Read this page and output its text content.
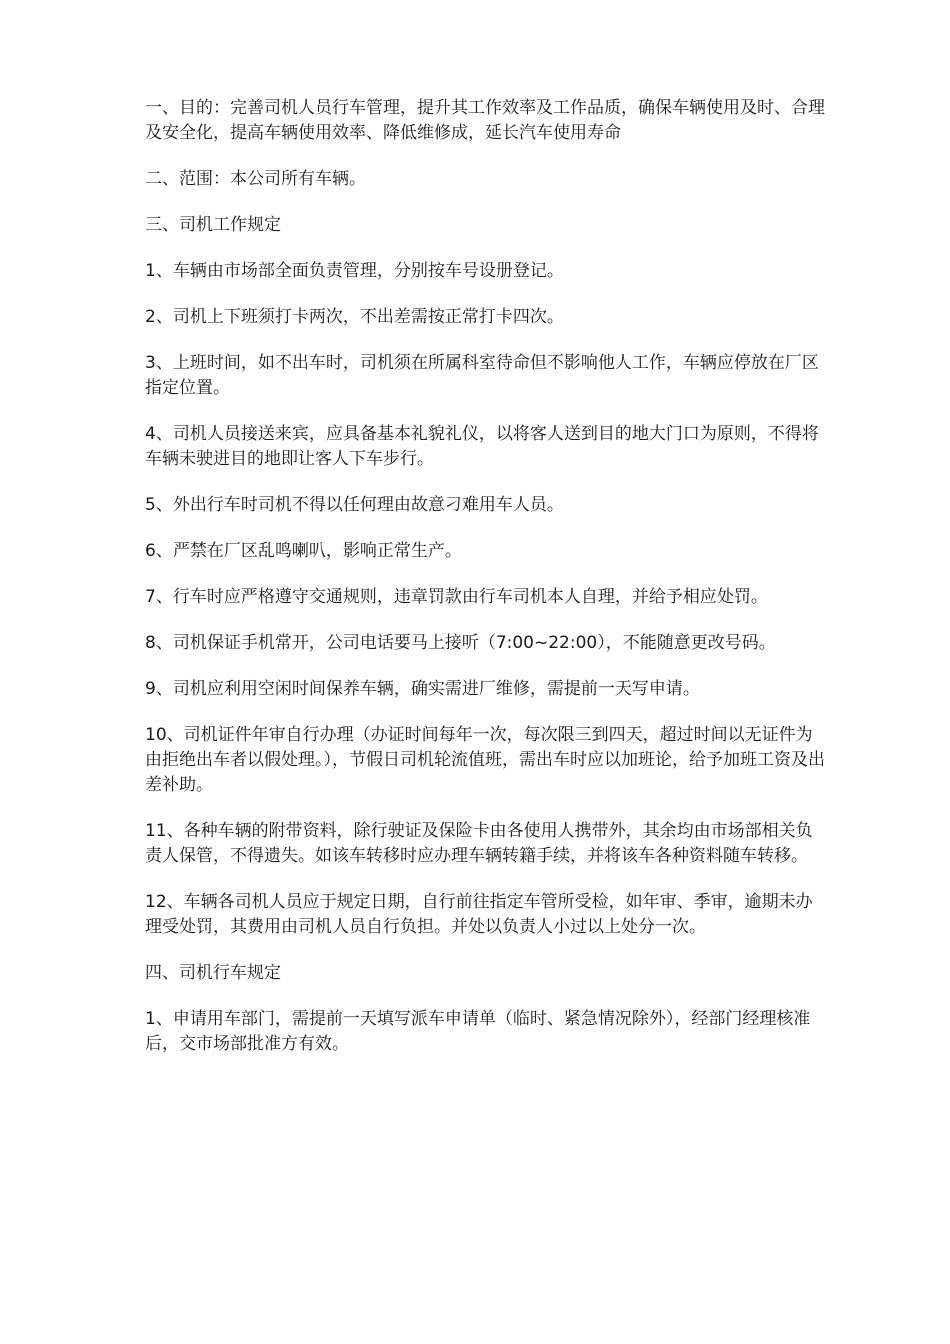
一、目的：完善司机人员行车管理，提升其工作效率及工作品质，确保车辆使用及时、合理及安全化，提高车辆使用效率、降低维修成，延长汽车使用寿命

二、范围：本公司所有车辆。

三、司机工作规定

1、车辆由市场部全面负责管理，分别按车号设册登记。

2、司机上下班须打卡两次，不出差需按正常打卡四次。

3、上班时间，如不出车时，司机须在所属科室待命但不影响他人工作，车辆应停放在厂区指定位置。

4、司机人员接送来宾，应具备基本礼貌礼仪，以将客人送到目的地大门口为原则，不得将车辆未驶进目的地即让客人下车步行。

5、外出行车时司机不得以任何理由故意刁难用车人员。

6、严禁在厂区乱鸣喇叭，影响正常生产。

7、行车时应严格遵守交通规则，违章罚款由行车司机本人自理，并给予相应处罚。

8、司机保证手机常开，公司电话要马上接听（7:00~22:00），不能随意更改号码。

9、司机应利用空闲时间保养车辆，确实需进厂维修，需提前一天写申请。

10、司机证件年审自行办理（办证时间每年一次，每次限三到四天，超过时间以无证件为由拒绝出车者以假处理。），节假日司机轮流值班，需出车时应以加班论，给予加班工资及出差补助。

11、各种车辆的附带资料，除行驶证及保险卡由各使用人携带外，其余均由市场部相关负责人保管，不得遗失。如该车转移时应办理车辆转籍手续，并将该车各种资料随车转移。

12、车辆各司机人员应于规定日期，自行前往指定车管所受检，如年审、季审，逾期未办理受处罚，其费用由司机人员自行负担。并处以负责人小过以上处分一次。

四、司机行车规定

1、申请用车部门，需提前一天填写派车申请单（临时、紧急情况除外），经部门经理核准后，交市场部批准方有效。
